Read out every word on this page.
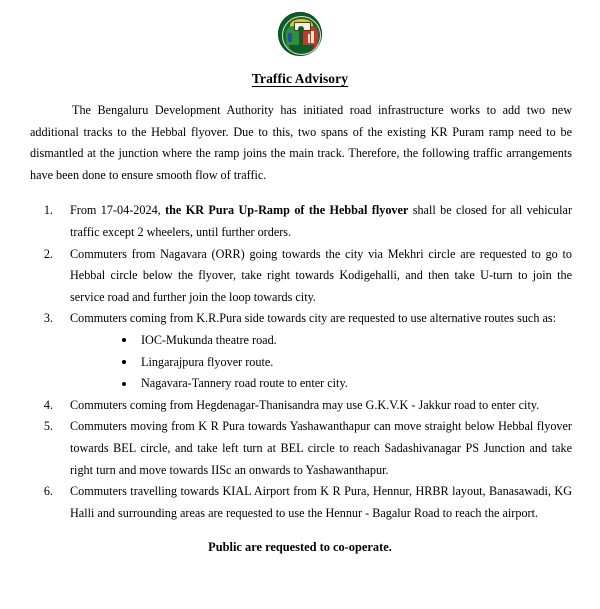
Traffic Advisory

The Bengaluru Development Authority has initiated road infrastructure works to add two new additional tracks to the Hebbal flyover. Due to this, two spans of the existing KR Puram ramp need to be dismantled at the junction where the ramp joins the main track. Therefore, the following traffic arrangements have been done to ensure smooth flow of traffic.

1. From 17-04-2024, the KR Pura Up-Ramp of the Hebbal flyover shall be closed for all vehicular traffic except 2 wheelers, until further orders.
2. Commuters from Nagavara (ORR) going towards the city via Mekhri circle are requested to go to Hebbal circle below the flyover, take right towards Kodigehalli, and then take U-turn to join the service road and further join the loop towards city.
3. Commuters coming from K.R.Pura side towards city are requested to use alternative routes such as:
IOC-Mukunda theatre road.
Lingarajpura flyover route.
Nagavara-Tannery road route to enter city.
4. Commuters coming from Hegdenagar-Thanisandra may use G.K.V.K - Jakkur road to enter city.
5. Commuters moving from K R Pura towards Yashawanthapur can move straight below Hebbal flyover towards BEL circle, and take left turn at BEL circle to reach Sadashivanagar PS Junction and take right turn and move towards IISc an onwards to Yashawanthapur.
6. Commuters travelling towards KIAL Airport from K R Pura, Hennur, HRBR layout, Banasawadi, KG Halli and surrounding areas are requested to use the Hennur - Bagalur Road to reach the airport.
Public are requested to co-operate.
